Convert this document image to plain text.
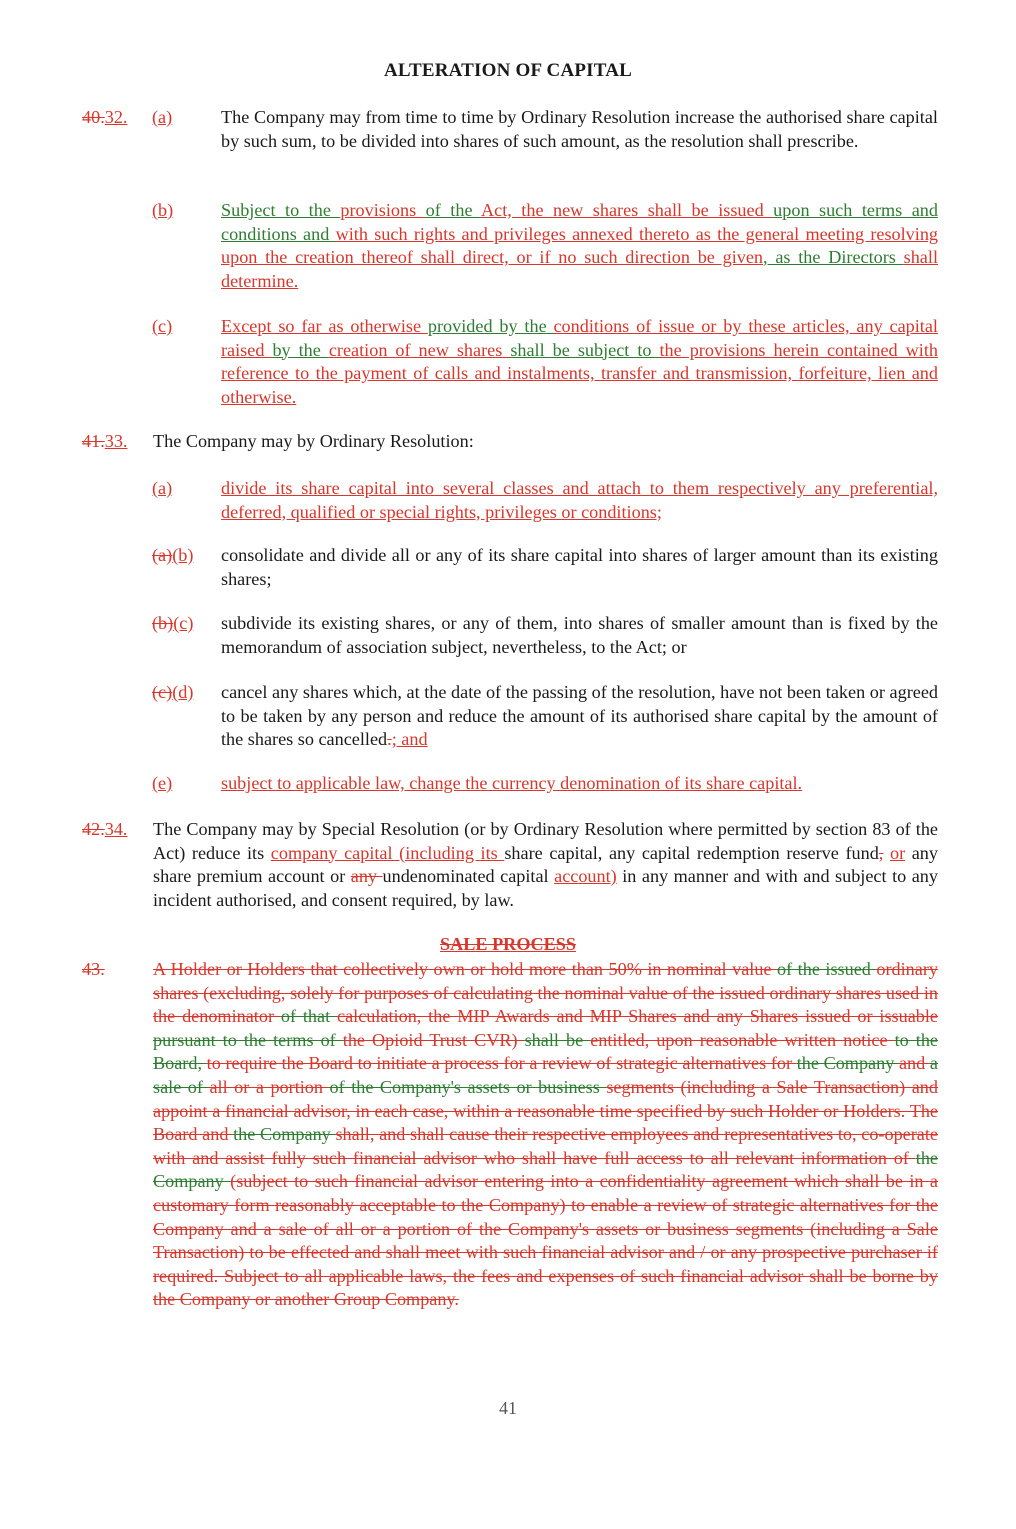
ALTERATION OF CAPITAL
40.32. (a)	The Company may from time to time by Ordinary Resolution increase the authorised share capital by such sum, to be divided into shares of such amount, as the resolution shall prescribe.
(b)	Subject to the provisions of the Act, the new shares shall be issued upon such terms and conditions and with such rights and privileges annexed thereto as the general meeting resolving upon the creation thereof shall direct, or if no such direction be given, as the Directors shall determine.
(c)	Except so far as otherwise provided by the conditions of issue or by these articles, any capital raised by the creation of new shares shall be subject to the provisions herein contained with reference to the payment of calls and instalments, transfer and transmission, forfeiture, lien and otherwise.
41.33. The Company may by Ordinary Resolution:
(a)	divide its share capital into several classes and attach to them respectively any preferential, deferred, qualified or special rights, privileges or conditions;
(a)(b) consolidate and divide all or any of its share capital into shares of larger amount than its existing shares;
(b)(c) subdivide its existing shares, or any of them, into shares of smaller amount than is fixed by the memorandum of association subject, nevertheless, to the Act; or
(c)(d) cancel any shares which, at the date of the passing of the resolution, have not been taken or agreed to be taken by any person and reduce the amount of its authorised share capital by the amount of the shares so cancelled.; and
(e)	subject to applicable law, change the currency denomination of its share capital.
42.34. The Company may by Special Resolution (or by Ordinary Resolution where permitted by section 83 of the Act) reduce its company capital (including its share capital, any capital redemption reserve fund, or any share premium account or any undenominated capital account) in any manner and with and subject to any incident authorised, and consent required, by law.
SALE PROCESS
43.	A Holder or Holders that collectively own or hold more than 50% in nominal value of the issued ordinary shares (excluding, solely for purposes of calculating the nominal value of the issued ordinary shares used in the denominator of that calculation, the MIP Awards and MIP Shares and any Shares issued or issuable pursuant to the terms of the Opioid Trust CVR) shall be entitled, upon reasonable written notice to the Board, to require the Board to initiate a process for a review of strategic alternatives for the Company and a sale of all or a portion of the Company's assets or business segments (including a Sale Transaction) and appoint a financial advisor, in each case, within a reasonable time specified by such Holder or Holders. The Board and the Company shall, and shall cause their respective employees and representatives to, co-operate with and assist fully such financial advisor who shall have full access to all relevant information of the Company (subject to such financial advisor entering into a confidentiality agreement which shall be in a customary form reasonably acceptable to the Company) to enable a review of strategic alternatives for the Company and a sale of all or a portion of the Company's assets or business segments (including a Sale Transaction) to be effected and shall meet with such financial advisor and / or any prospective purchaser if required. Subject to all applicable laws, the fees and expenses of such financial advisor shall be borne by the Company or another Group Company.
41
